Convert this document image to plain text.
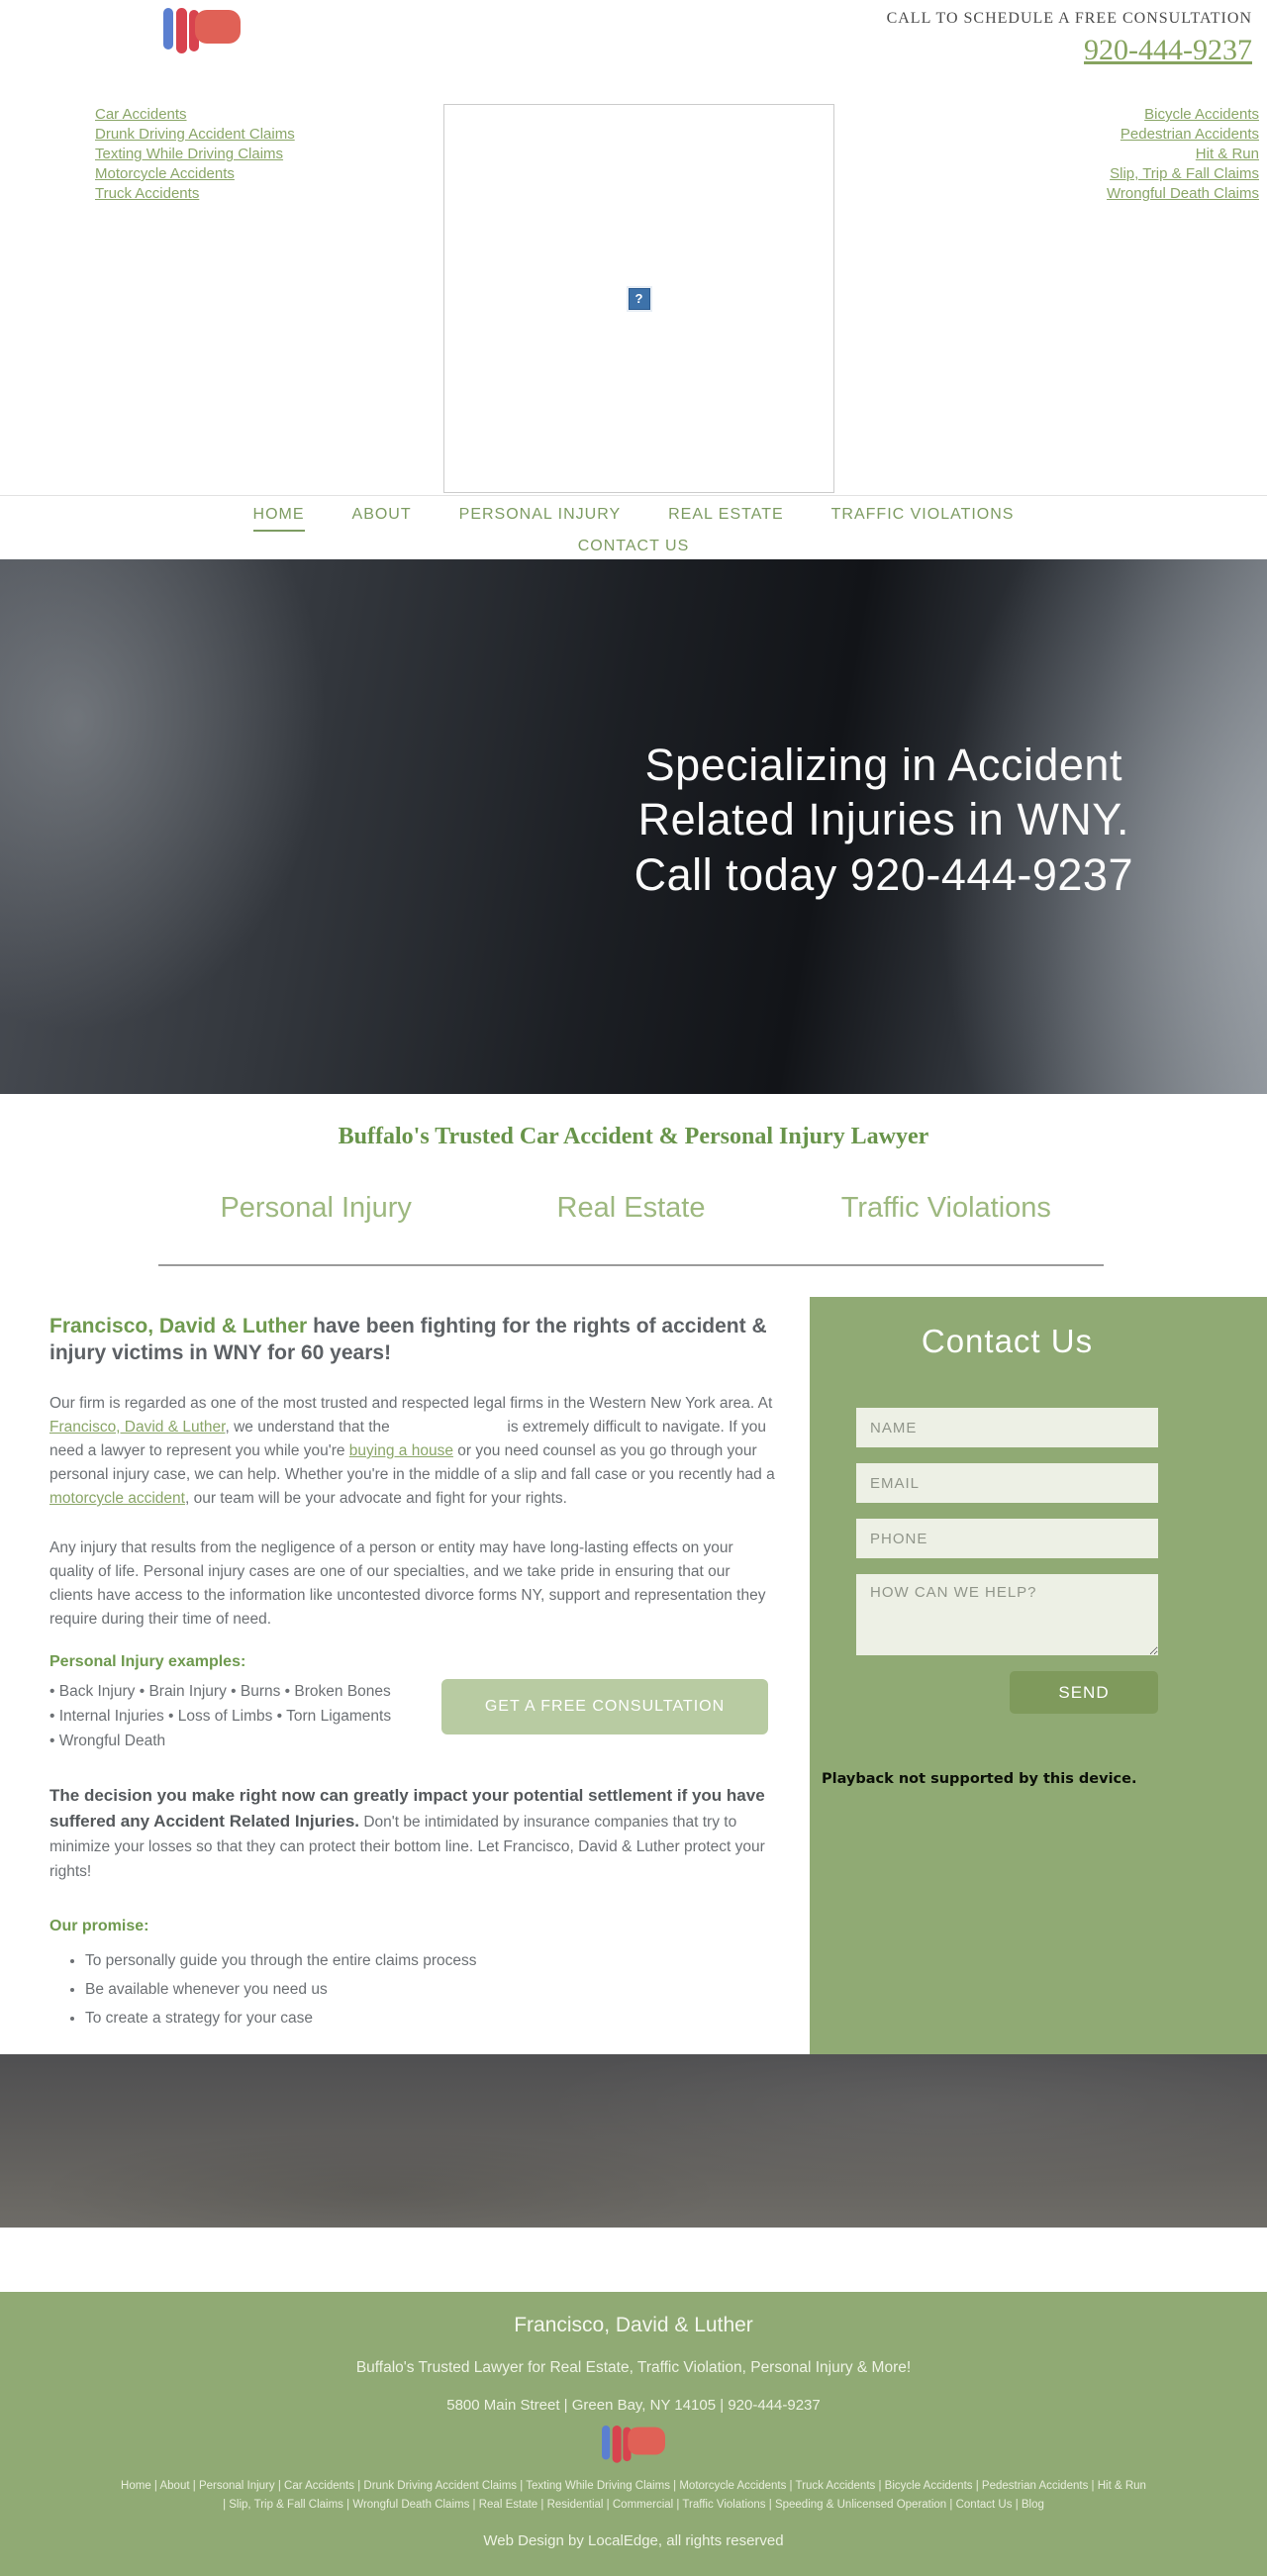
CALL TO SCHEDULE A FREE CONSULTATION
920-444-9237
Car Accidents
Drunk Driving Accident Claims
Texting While Driving Claims
Motorcycle Accidents
Truck Accidents
?
Bicycle Accidents
Pedestrian Accidents
Hit & Run
Slip, Trip & Fall Claims
Wrongful Death Claims
HOME	ABOUT	PERSONAL INJURY	REAL ESTATE	TRAFFIC VIOLATIONS
CONTACT US
Specializing in Accident
Related Injuries in WNY.
Call today 920-444-9237
Buffalo's Trusted Car Accident & Personal Injury Lawyer
Personal Injury	Real Estate	Traffic Violations
Francisco, David & Luther have been fighting for the rights of accident & injury victims in WNY for 60 years!

Our firm is regarded as one of the most trusted and respected legal firms in the Western New York area. At Francisco, David & Luther, we understand that the	is extremely difficult to navigate. If you need a lawyer to represent you while you're buying a house or you need counsel as you go through your personal injury case, we can help. Whether you're in the middle of a slip and fall case or you recently had a motorcycle accident, our team will be your advocate and fight for your rights.

Any injury that results from the negligence of a person or entity may have long-lasting effects on your quality of life. Personal injury cases are one of our specialties, and we take pride in ensuring that our clients have access to the information like uncontested divorce forms NY, support and representation they require during their time of need.

Personal Injury examples:
• Back Injury • Brain Injury • Burns • Broken Bones
• Internal Injuries • Loss of Limbs • Torn Ligaments
• Wrongful Death
GET A FREE CONSULTATION

The decision you make right now can greatly impact your potential settlement if you have suffered any Accident Related Injuries. Don't be intimidated by insurance companies that try to minimize your losses so that they can protect their bottom line. Let Francisco, David & Luther protect your rights!

Our promise:
• To personally guide you through the entire claims process
• Be available whenever you need us
• To create a strategy for your case
Contact Us
NAME
EMAIL
PHONE
HOW CAN WE HELP?
SEND
Playback not supported by this device.
Francisco, David & Luther
Buffalo's Trusted Lawyer for Real Estate, Traffic Violation, Personal Injury & More!
5800 Main Street | Green Bay, NY 14105 | 920-444-9237
Home | About | Personal Injury | Car Accidents | Drunk Driving Accident Claims | Texting While Driving Claims | Motorcycle Accidents | Truck Accidents | Bicycle Accidents | Pedestrian Accidents | Hit & Run | Slip, Trip & Fall Claims | Wrongful Death Claims | Real Estate | Residential | Commercial | Traffic Violations | Speeding & Unlicensed Operation | Contact Us | Blog
Web Design by LocalEdge, all rights reserved
